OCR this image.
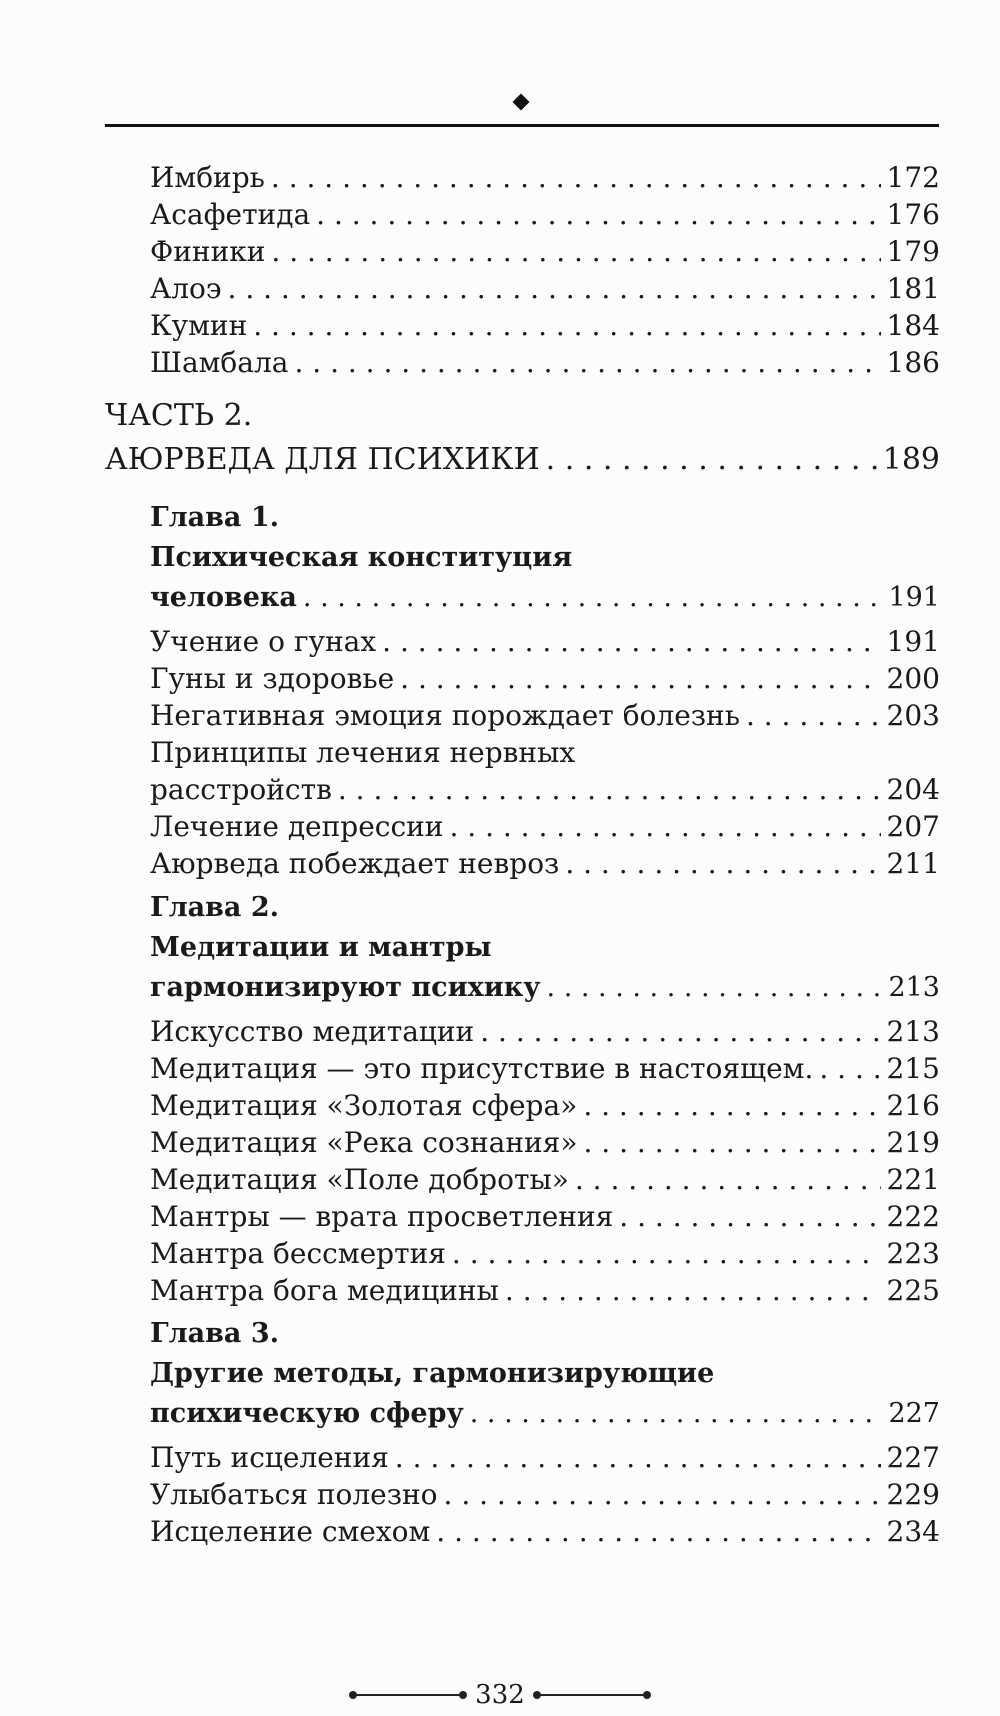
Имбирь . . .	172
Асафетида . . .	176
Финики . . .	179
Алоэ . . .	181
Кумин . . .	184
Шамбала . . .	186
ЧАСТЬ 2.
АЮРВЕДА ДЛЯ ПСИХИКИ . . .	189
Глава 1.
Психическая конституция
человека . . .	191
Учение о гунах . . .	191
Гуны и здоровье . . .	200
Негативная эмоция порождает болезнь . . .	203
Принципы лечения нервных
расстройств . . .	204
Лечение депрессии . . .	207
Аюрведа побеждает невроз . . .	211
Глава 2.
Медитации и мантры
гармонизируют психику . . .	213
Искусство медитации . . .	213
Медитация — это присутствие в настоящем. . . .	215
Медитация «Золотая сфера» . . .	216
Медитация «Река сознания» . . .	219
Медитация «Поле доброты» . . .	221
Мантры — врата просветления . . .	222
Мантра бессмертия . . .	223
Мантра бога медицины . . .	225
Глава 3.
Другие методы, гармонизирующие
психическую сферу . . .	227
Путь исцеления . . .	227
Улыбаться полезно . . .	229
Исцеление смехом . . .	234
332
